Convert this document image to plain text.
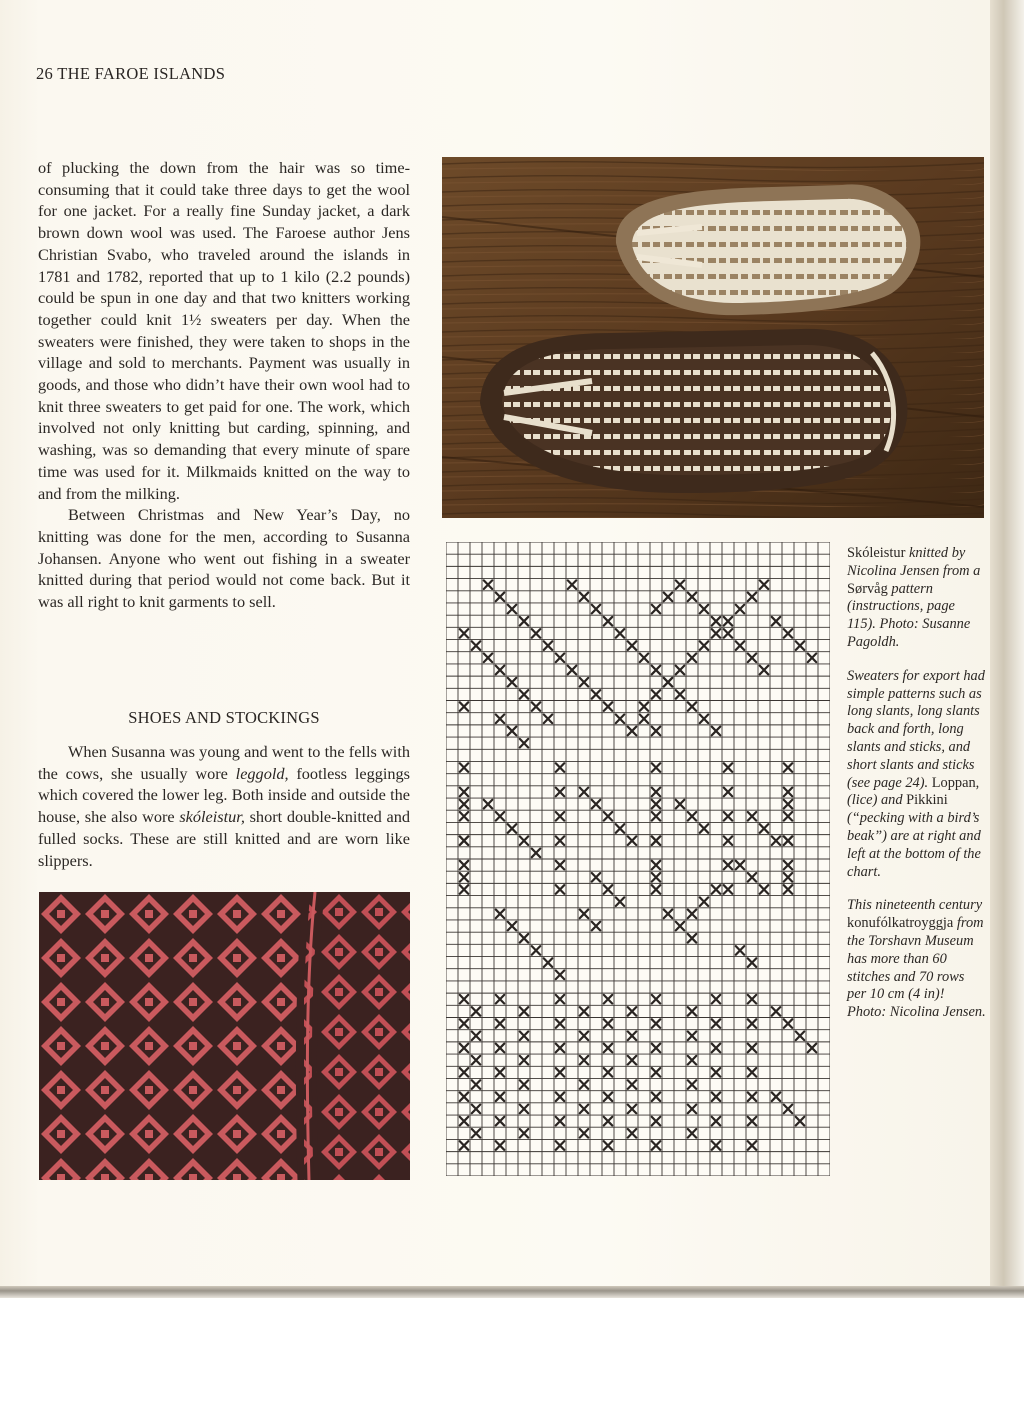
26 THE FAROE ISLANDS

of plucking the down from the hair was so time-consuming that it could take three days to get the wool for one jacket. For a really fine Sunday jacket, a dark brown down wool was used. The Faroese author Jens Christian Svabo, who traveled around the islands in 1781 and 1782, reported that up to 1 kilo (2.2 pounds) could be spun in one day and that two knitters working together could knit 1½ sweaters per day. When the sweaters were finished, they were taken to shops in the village and sold to merchants. Payment was usually in goods, and those who didn’t have their own wool had to knit three sweaters to get paid for one. The work, which involved not only knitting but carding, spinning, and washing, was so demanding that every minute of spare time was used for it. Milkmaids knitted on the way to and from the milking.

Between Christmas and New Year’s Day, no knitting was done for the men, according to Susanna Johansen. Anyone who went out fishing in a sweater knitted during that period would not come back. But it was all right to knit garments to sell.

SHOES AND STOCKINGS

When Susanna was young and went to the fells with the cows, she usually wore leggold, footless leggings which covered the lower leg. Both inside and outside the house, she also wore skóleistur, short double-knitted and fulled socks. These are still knitted and are worn like slippers.

Skóleistur knitted by Nicolina Jensen from a Sørvåg pattern (instructions, page 115). Photo: Susanne Pagoldh.

Sweaters for export had simple patterns such as long slants, long slants back and forth, long slants and sticks, and short slants and sticks (see page 24). Loppan, (lice) and Pikkini (“pecking with a bird’s beak”) are at right and left at the bottom of the chart.

This nineteenth century konufólkatroyggja from the Torshavn Museum has more than 60 stitches and 70 rows per 10 cm (4 in)! Photo: Nicolina Jensen.
